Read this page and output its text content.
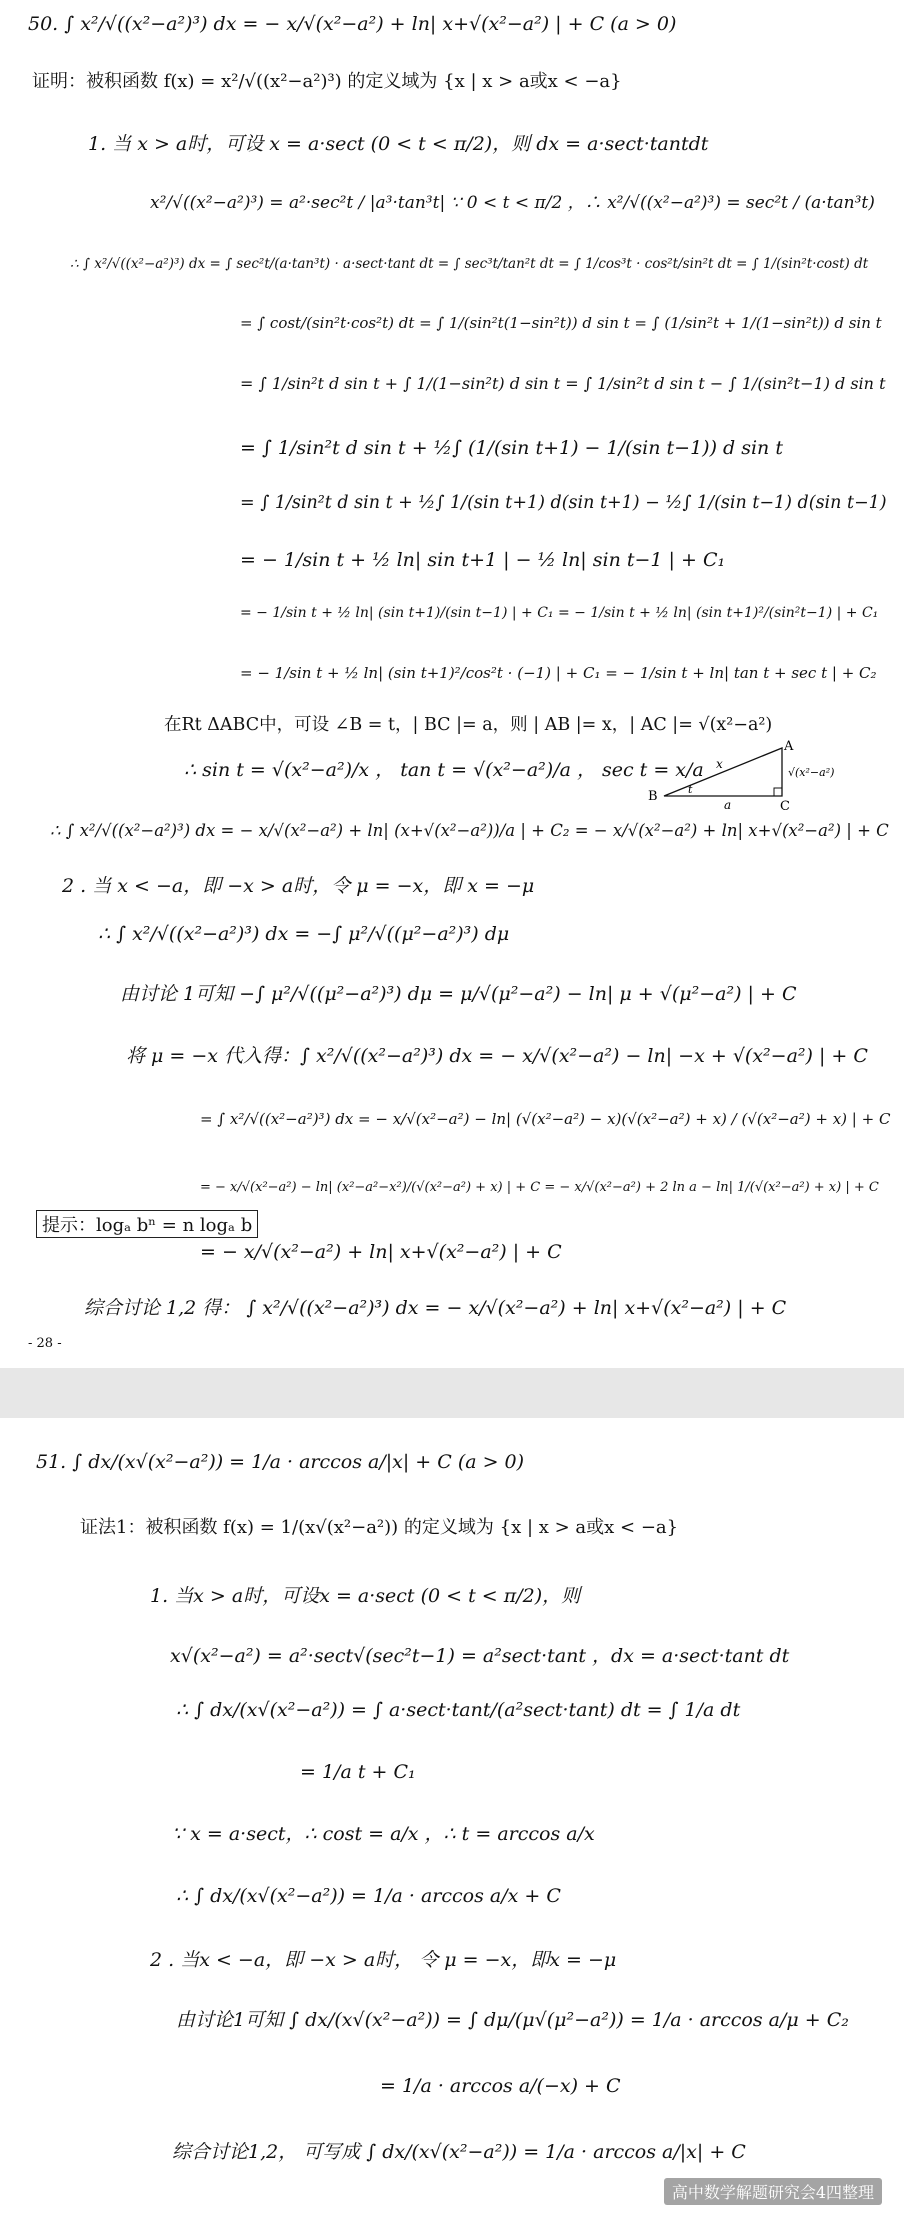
50. ∫ x²/√((x²−a²)³) dx = − x/√(x²−a²) + ln| x+√(x²−a²) | + C (a > 0)
证明：被积函数 f(x) = x²/√((x²−a²)³) 的定义域为 {x | x > a或x < −a}
1. 当 x > a时，可设 x = a·sect (0 < t < π/2)，则 dx = a·sect·tantdt
x²/√((x²−a²)³) = a²·sec²t / |a³·tan³t| ∵ 0 < t < π/2 ，∴ x²/√((x²−a²)³) = sec²t / (a·tan³t)
∴ ∫ x²/√((x²−a²)³) dx = ∫ sec²t/(a·tan³t) · a·sect·tant dt = ∫ sec³t/tan²t dt = ∫ 1/cos³t · cos²t/sin²t dt = ∫ 1/(sin²t·cost) dt
= ∫ cost/(sin²t·cos²t) dt = ∫ 1/(sin²t(1−sin²t)) d sin t = ∫ (1/sin²t + 1/(1−sin²t)) d sin t
= ∫ 1/sin²t d sin t + ∫ 1/(1−sin²t) d sin t = ∫ 1/sin²t d sin t − ∫ 1/(sin²t−1) d sin t
= ∫ 1/sin²t d sin t + ½∫ (1/(sin t+1) − 1/(sin t−1)) d sin t
= ∫ 1/sin²t d sin t + ½∫ 1/(sin t+1) d(sin t+1) − ½∫ 1/(sin t−1) d(sin t−1)
= − 1/sin t + ½ ln| sin t+1 | − ½ ln| sin t−1 | + C₁
= − 1/sin t + ½ ln| (sin t+1)/(sin t−1) | + C₁ = − 1/sin t + ½ ln| (sin t+1)²/(sin²t−1) | + C₁
= − 1/sin t + ½ ln| (sin t+1)²/cos²t · (−1) | + C₁ = − 1/sin t + ln| tan t + sec t | + C₂
在Rt ΔABC中，可设 ∠B = t，| BC |= a，则 | AB |= x，| AC |= √(x²−a²)
∴ sin t = √(x²−a²)/x ， tan t = √(x²−a²)/a ， sec t = x/a
A
B
C
x
a
t
√(x²−a²)
∴ ∫ x²/√((x²−a²)³) dx = − x/√(x²−a²) + ln| (x+√(x²−a²))/a | + C₂ = − x/√(x²−a²) + ln| x+√(x²−a²) | + C
2 . 当 x < −a，即 −x > a时，令 μ = −x，即 x = −μ
∴ ∫ x²/√((x²−a²)³) dx = −∫ μ²/√((μ²−a²)³) dμ
由讨论 1可知 −∫ μ²/√((μ²−a²)³) dμ = μ/√(μ²−a²) − ln| μ + √(μ²−a²) | + C
将 μ = −x 代入得：∫ x²/√((x²−a²)³) dx = − x/√(x²−a²) − ln| −x + √(x²−a²) | + C
= ∫ x²/√((x²−a²)³) dx = − x/√(x²−a²) − ln| (√(x²−a²) − x)(√(x²−a²) + x) / (√(x²−a²) + x) | + C
= − x/√(x²−a²) − ln| (x²−a²−x²)/(√(x²−a²) + x) | + C = − x/√(x²−a²) + 2 ln a − ln| 1/(√(x²−a²) + x) | + C
提示：logₐ bⁿ = n logₐ b
= − x/√(x²−a²) + ln| x+√(x²−a²) | + C
综合讨论 1,2 得： ∫ x²/√((x²−a²)³) dx = − x/√(x²−a²) + ln| x+√(x²−a²) | + C
- 28 -
51. ∫ dx/(x√(x²−a²)) = 1/a · arccos a/|x| + C (a > 0)
证法1：被积函数 f(x) = 1/(x√(x²−a²)) 的定义域为 {x | x > a或x < −a}
1. 当x > a时，可设x = a·sect (0 < t < π/2)，则
x√(x²−a²) = a²·sect√(sec²t−1) = a²sect·tant ，dx = a·sect·tant dt
∴ ∫ dx/(x√(x²−a²)) = ∫ a·sect·tant/(a²sect·tant) dt = ∫ 1/a dt
= 1/a t + C₁
∵ x = a·sect，∴ cost = a/x ，∴ t = arccos a/x
∴ ∫ dx/(x√(x²−a²)) = 1/a · arccos a/x + C
2 . 当x < −a，即 −x > a时， 令 μ = −x，即x = −μ
由讨论1可知 ∫ dx/(x√(x²−a²)) = ∫ dμ/(μ√(μ²−a²)) = 1/a · arccos a/μ + C₂
= 1/a · arccos a/(−x) + C
综合讨论1,2， 可写成 ∫ dx/(x√(x²−a²)) = 1/a · arccos a/|x| + C
高中数学解题研究会4四整理
